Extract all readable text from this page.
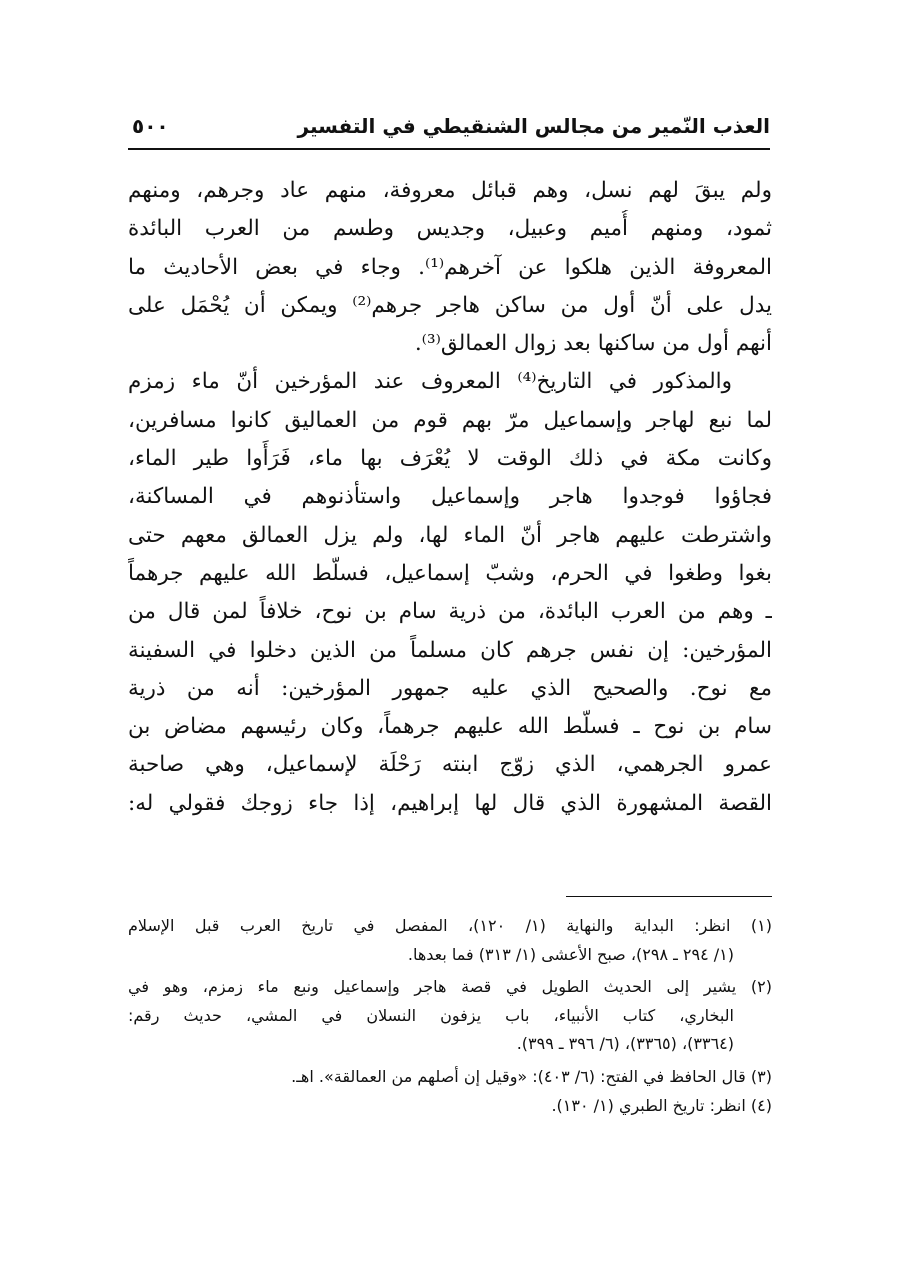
العذب النّمير من مجالس الشنقيطي في التفسير
٥٠٠
ولم يبقَ لهم نسل، وهم قبائل معروفة، منهم عاد وجرهم، ومنهم
ثمود، ومنهم أُميم وعبيل، وجديس وطسم من العرب البائدة
المعروفة الذين هلكوا عن آخرهم⁽¹⁾. وجاء في بعض الأحاديث ما
يدل على أنّ أول من ساكن هاجر جرهم⁽²⁾ ويمكن أن يُحْمَل على
أنهم أول من ساكنها بعد زوال العمالق⁽³⁾.
والمذكور في التاريخ⁽⁴⁾ المعروف عند المؤرخين أنّ ماء زمزم
لما نبع لهاجر وإسماعيل مرّ بهم قوم من العماليق كانوا مسافرين،
وكانت مكة في ذلك الوقت لا يُعْرَف بها ماء، فَرَأَوا طير الماء،
فجاؤوا فوجدوا هاجر وإسماعيل واستأذنوهم في المساكنة،
واشترطت عليهم هاجر أنّ الماء لها، ولم يزل العمالق معهم حتى
بغوا وطغوا في الحرم، وشبّ إسماعيل، فسلّط الله عليهم جرهماً
ـ وهم من العرب البائدة، من ذرية سام بن نوح، خلافاً لمن قال من
المؤرخين: إن نفس جرهم كان مسلماً من الذين دخلوا في السفينة
مع نوح. والصحيح الذي عليه جمهور المؤرخين: أنه من ذرية
سام بن نوح ـ فسلّط الله عليهم جرهماً، وكان رئيسهم مضاض بن
عمرو الجرهمي، الذي زوّج ابنته رَحْلَة لإسماعيل، وهي صاحبة
القصة المشهورة الذي قال لها إبراهيم، إذا جاء زوجك فقولي له:
(١) انظر: البداية والنهاية (١/ ١٢٠)، المفصل في تاريخ العرب قبل الإسلام
(١/ ٢٩٤ ـ ٢٩٨)، صبح الأعشى (١/ ٣١٣) فما بعدها.
(٢) يشير إلى الحديث الطويل في قصة هاجر وإسماعيل ونبع ماء زمزم، وهو في
البخاري، كتاب الأنبياء، باب يزفون النسلان في المشي، حديث رقم:
(٣٣٦٤)، (٣٣٦٥)، (٦/ ٣٩٦ ـ ٣٩٩).
(٣) قال الحافظ في الفتح: (٦/ ٤٠٣): «وقيل إن أصلهم من العمالقة». اهـ.
(٤) انظر: تاريخ الطبري (١/ ١٣٠).
